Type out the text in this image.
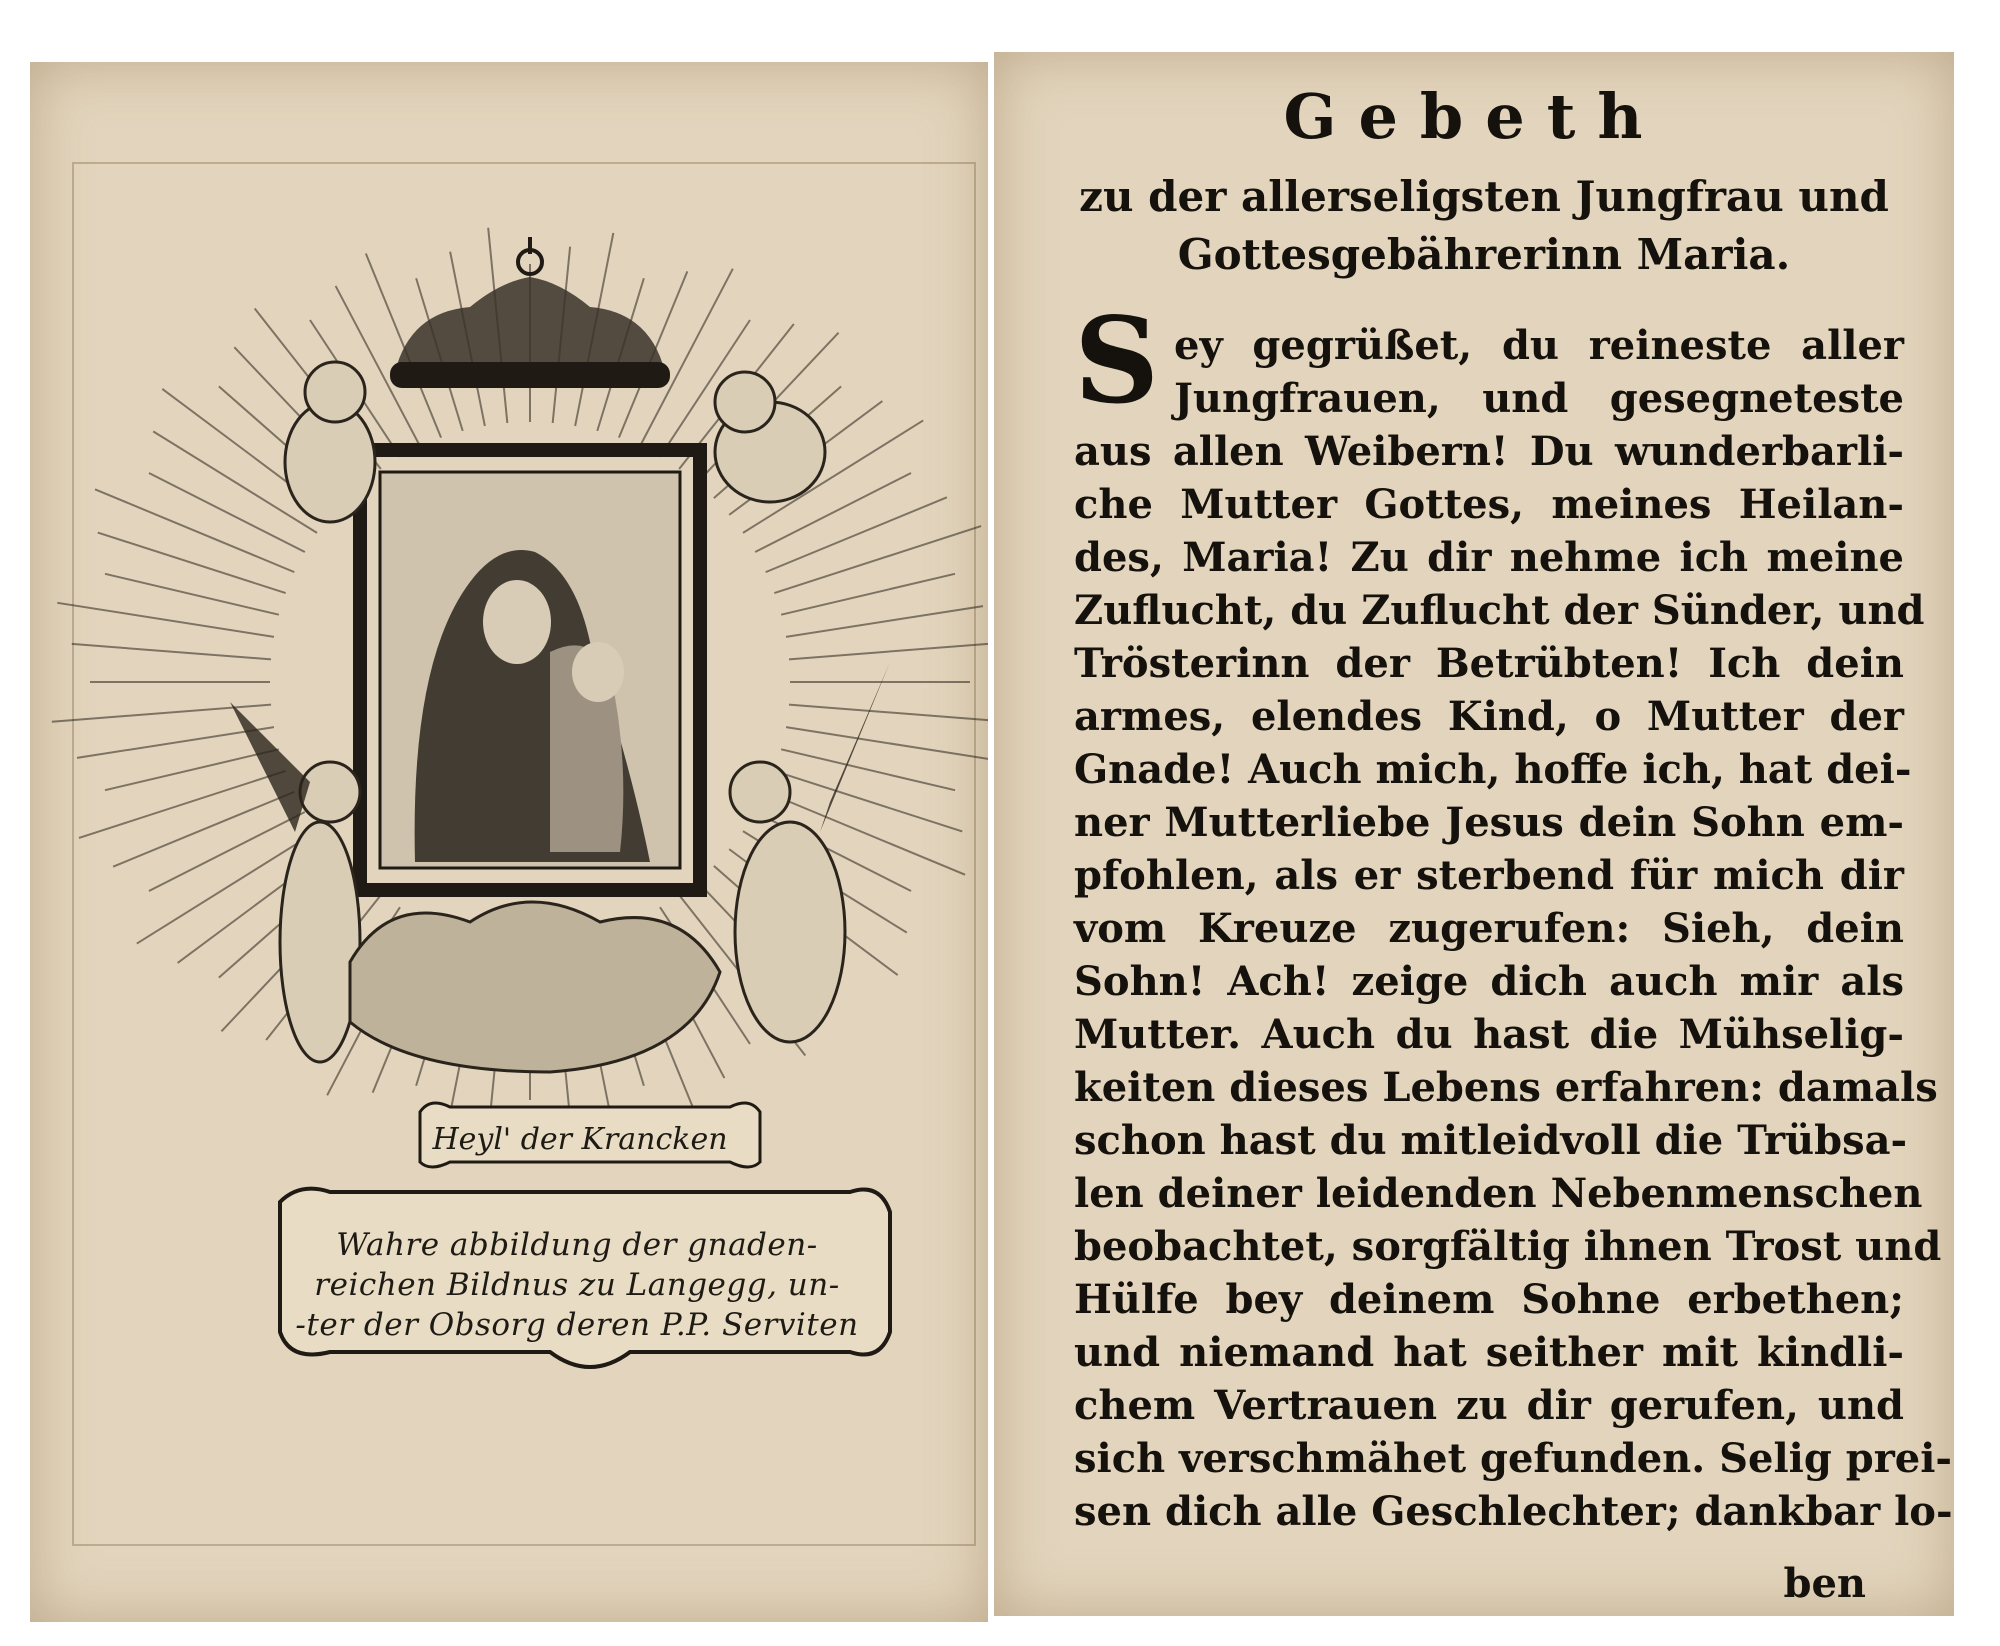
Heyl' der Krancken
Wahre abbildung der gnaden-
reichen Bildnus zu Langegg, un-
-ter der Obsorg deren P.P. Serviten
Gebeth
zu der allerseligsten Jungfrau und
Gottesgebährerinn Maria.
S ey gegrüßet, du reineste aller
Jungfrauen, und gesegneteste
aus allen Weibern! Du wunderbarli-
che Mutter Gottes, meines Heilan-
des, Maria! Zu dir nehme ich meine
Zuflucht, du Zuflucht der Sünder, und
Trösterinn der Betrübten! Ich dein
armes, elendes Kind, o Mutter der
Gnade! Auch mich, hoffe ich, hat dei-
ner Mutterliebe Jesus dein Sohn em-
pfohlen, als er sterbend für mich dir
vom Kreuze zugerufen: Sieh, dein
Sohn! Ach! zeige dich auch mir als
Mutter. Auch du hast die Mühselig-
keiten dieses Lebens erfahren: damals
schon hast du mitleidvoll die Trübsa-
len deiner leidenden Nebenmenschen
beobachtet, sorgfältig ihnen Trost und
Hülfe bey deinem Sohne erbethen;
und niemand hat seither mit kindli-
chem Vertrauen zu dir gerufen, und
sich verschmähet gefunden. Selig prei-
sen dich alle Geschlechter; dankbar lo-
ben
